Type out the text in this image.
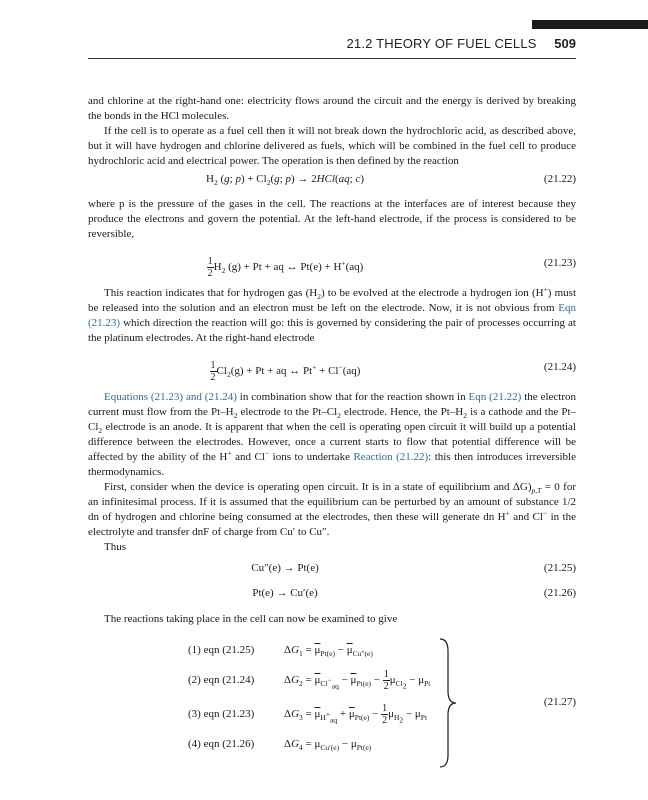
21.2 THEORY OF FUEL CELLS 509

and chlorine at the right-hand one: electricity flows around the circuit and the energy is derived by breaking the bonds in the HCl molecules.

If the cell is to operate as a fuel cell then it will not break down the hydrochloric acid, as described above, but it will have hydrogen and chlorine delivered as fuels, which will be combined in the fuel cell to produce hydrochloric acid and electrical power. The operation is then defined by the reaction

$H_2$ (g; $p) + Cl_2(g$; p) → 2HCl(aq; c)	(21.22)

where p is the pressure of the gases in the cell. The reactions at the interfaces are of interest because they produce the electrons and govern the potential. At the left-hand electrode, if the process is considered to be reversible,

$\frac{1}{2} H_2$ (g) + Pt + aq ↔ Pt(e) + H+(aq)	(21.23)

This reaction indicates that for hydrogen gas $(H_2)$ to be evolved at the electrode a hydrogen ion (H+) must be released into the solution and an electron must be left on the electrode. Now, it is not obvious from Eqn (21.23) which direction the reaction will go: this is governed by considering the pair of processes occurring at the platinum electrodes. At the right-hand electrode

$\frac{1}{2} Cl_2(g) + Pt$ + aq ↔ Pt+ + Cl−(aq)	(21.24)

Equations (21.23) and (21.24) in combination show that for the reaction shown in Eqn (21.22) the electron current must flow from the $Pt-H_2$ electrode to the $Pt-Cl_2$ electrode. Hence, the $Pt-H_2$ is a cathode and the $Pt-Cl_2$ electrode is an anode. It is apparent that when the cell is operating open circuit it will build up a potential difference between the electrodes. However, once a current starts to flow that potential difference will be affected by the ability of the H+ and Cl− ions to undertake Reaction (21.22): this then introduces irreversible thermodynamics.

First, consider when the device is operating open circuit. It is in a state of equilibrium and $\Delta G)_{p,T} = 0$ for an infinitesimal process. If it is assumed that the equilibrium can be perturbed by an amount of substance 1/2 dn of hydrogen and chlorine being consumed at the electrodes, then these will generate dn H+ and Cl− in the electrolyte and transfer dnF of charge from Cu′ to Cu″.

Thus

Cu″(e) → Pt(e)	(21.25)
Pt(e) → Cu′(e)	(21.26)

The reactions taking place in the cell can now be examined to give

(1) eqn (21.25)	$\Delta G_1 = \overline{\mu}_{Pt(e)} - \overline{\mu}_{Cu''(e)}$
(2) eqn (21.24)	$\Delta G_2 = \overline{\mu}_{Cl^-_{aq}} - \overline{\mu}_{Pt(e)} - \frac{1}{2} \mu_{Cl_2} - \mu_{Pt}$
(3) eqn (21.23)	$\Delta G_3 = \overline{\mu}_{H^+_{aq}} + \overline{\mu}_{Pt(e)} - \frac{1}{2} \mu_{H_2} - \mu_{Pt}$
(4) eqn (21.26)	$\Delta G_4 = \mu_{Cu'(e)} - \mu_{Pt(e)}$
(21.27)
